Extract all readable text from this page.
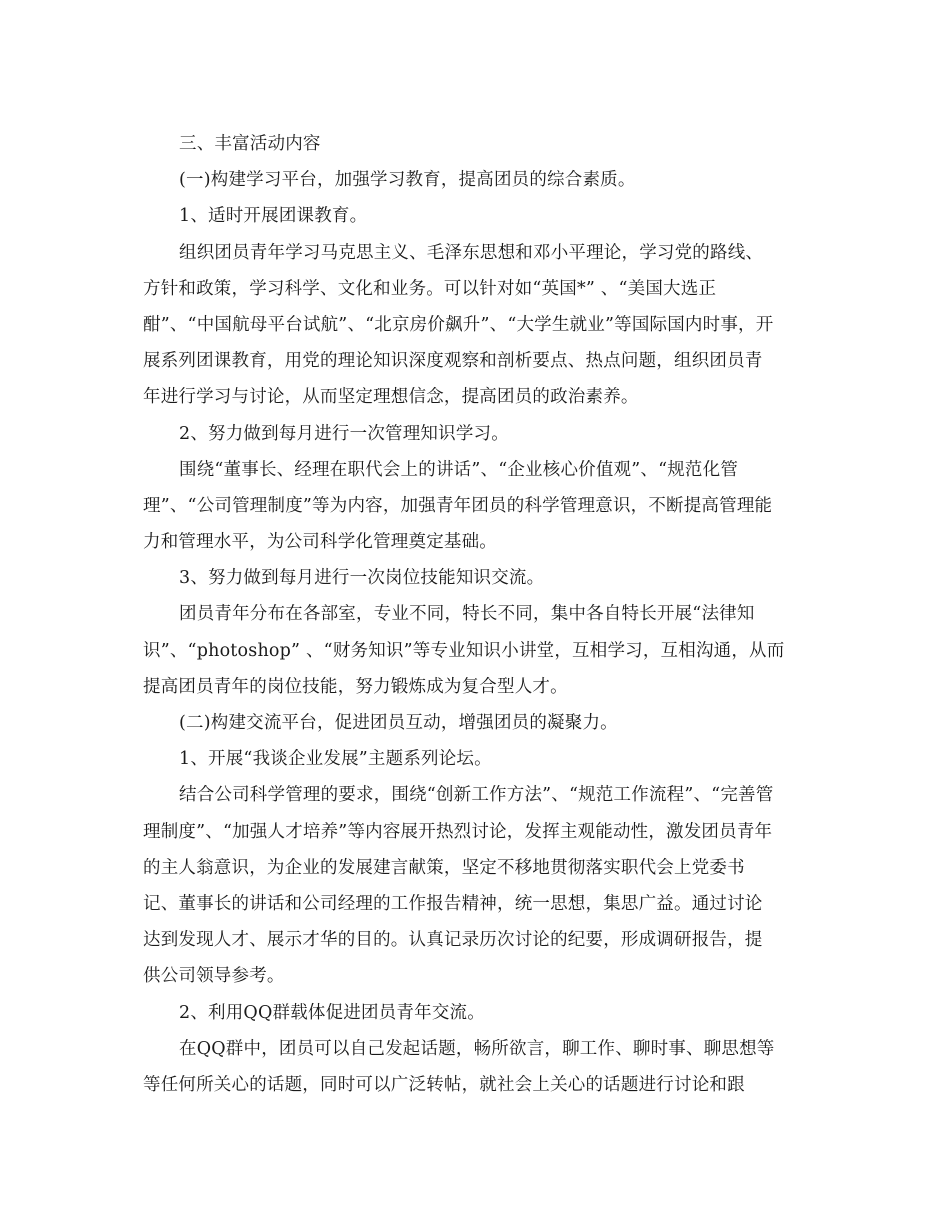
三、丰富活动内容
(一)构建学习平台，加强学习教育，提高团员的综合素质。
1、适时开展团课教育。
组织团员青年学习马克思主义、毛泽东思想和邓小平理论，学习党的路线、
方针和政策，学习科学、文化和业务。可以针对如“英国*” 、“美国大选正
酣”、“中国航母平台试航”、“北京房价飙升”、“大学生就业”等国际国内时事，开
展系列团课教育，用党的理论知识深度观察和剖析要点、热点问题，组织团员青
年进行学习与讨论，从而坚定理想信念，提高团员的政治素养。
2、努力做到每月进行一次管理知识学习。
围绕“董事长、经理在职代会上的讲话”、“企业核心价值观”、“规范化管
理”、“公司管理制度”等为内容，加强青年团员的科学管理意识，不断提高管理能
力和管理水平，为公司科学化管理奠定基础。
3、努力做到每月进行一次岗位技能知识交流。
团员青年分布在各部室，专业不同，特长不同，集中各自特长开展“法律知
识”、“photoshop” 、“财务知识”等专业知识小讲堂，互相学习，互相沟通，从而
提高团员青年的岗位技能，努力锻炼成为复合型人才。
(二)构建交流平台，促进团员互动，增强团员的凝聚力。
1、开展“我谈企业发展”主题系列论坛。
结合公司科学管理的要求，围绕“创新工作方法”、“规范工作流程”、“完善管
理制度”、“加强人才培养”等内容展开热烈讨论，发挥主观能动性，激发团员青年
的主人翁意识，为企业的发展建言献策，坚定不移地贯彻落实职代会上党委书
记、董事长的讲话和公司经理的工作报告精神，统一思想，集思广益。通过讨论
达到发现人才、展示才华的目的。认真记录历次讨论的纪要，形成调研报告，提
供公司领导参考。
2、利用QQ群载体促进团员青年交流。
在QQ群中，团员可以自己发起话题，畅所欲言，聊工作、聊时事、聊思想等
等任何所关心的话题，同时可以广泛转帖，就社会上关心的话题进行讨论和跟
